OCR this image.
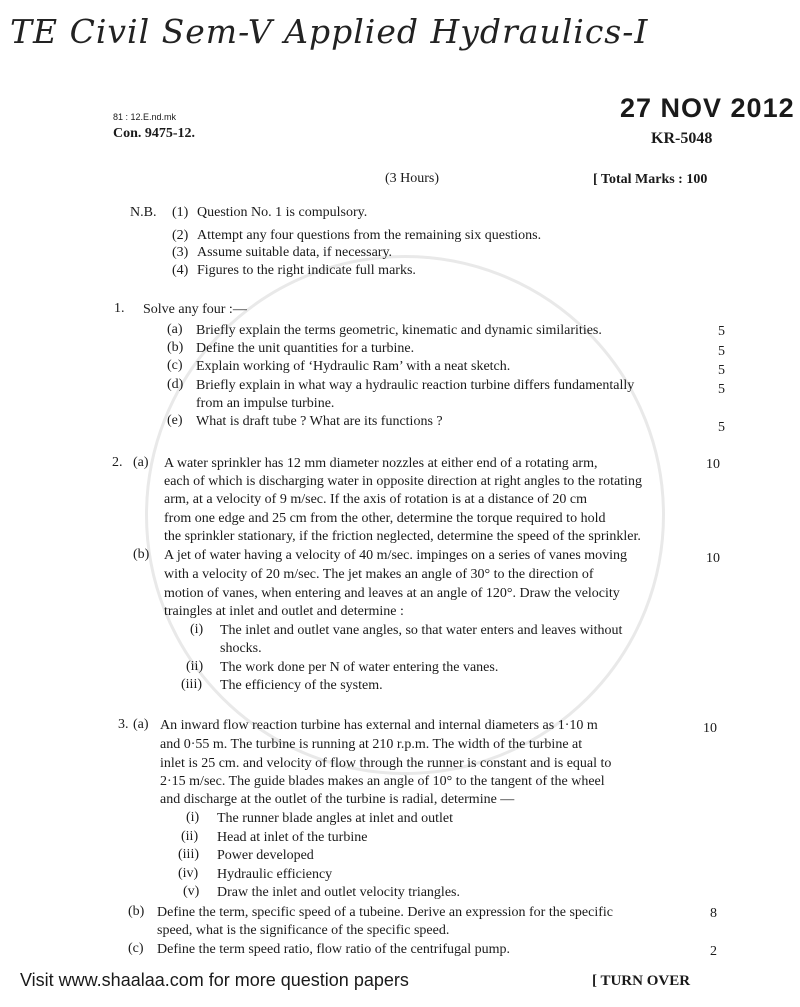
TE Civil Sem-V Applied Hydraulics-I
81 : 12.E.nd.mk
Con. 9475-12.
27 NOV 2012
KR-5048
(3 Hours)	[ Total Marks : 100
N.B. (1) Question No. 1 is compulsory.
(2) Attempt any four questions from the remaining six questions.
(3) Assume suitable data, if necessary.
(4) Figures to the right indicate full marks.
1. Solve any four :—
(a) Briefly explain the terms geometric, kinematic and dynamic similarities.	5
(b) Define the unit quantities for a turbine.	5
(c) Explain working of ‘Hydraulic Ram’ with a neat sketch.	5
(d) Briefly explain in what way a hydraulic reaction turbine differs fundamentally
from an impulse turbine.
5
(e) What is draft tube ? What are its functions ?	5
2. (a) A water sprinkler has 12 mm diameter nozzles at either end of a rotating arm,
each of which is discharging water in opposite direction at right angles to the rotating
arm, at a velocity of 9 m/sec. If the axis of rotation is at a distance of 20 cm
from one edge and 25 cm from the other, determine the torque required to hold
the sprinkler stationary, if the friction neglected, determine the speed of the sprinkler.
10
(b) A jet of water having a velocity of 40 m/sec. impinges on a series of vanes moving
with a velocity of 20 m/sec. The jet makes an angle of 30° to the direction of
motion of vanes, when entering and leaves at an angle of 120°. Draw the velocity
traingles at inlet and outlet and determine :
10
(i) The inlet and outlet vane angles, so that water enters and leaves without
shocks.
(ii) The work done per N of water entering the vanes.
(iii) The efficiency of the system.
3. (a) An inward flow reaction turbine has external and internal diameters as 1·10 m
and 0·55 m. The turbine is running at 210 r.p.m. The width of the turbine at
inlet is 25 cm. and velocity of flow through the runner is constant and is equal to
2·15 m/sec. The guide blades makes an angle of 10° to the tangent of the wheel
and discharge at the outlet of the turbine is radial, determine —
10
(i) The runner blade angles at inlet and outlet
(ii) Head at inlet of the turbine
(iii) Power developed
(iv) Hydraulic efficiency
(v) Draw the inlet and outlet velocity triangles.
(b) Define the term, specific speed of a tubeine. Derive an expression for the specific
speed, what is the significance of the specific speed.
8
(c) Define the term speed ratio, flow ratio of the centrifugal pump.	2
Visit www.shaalaa.com for more question papers	[ TURN OVER
